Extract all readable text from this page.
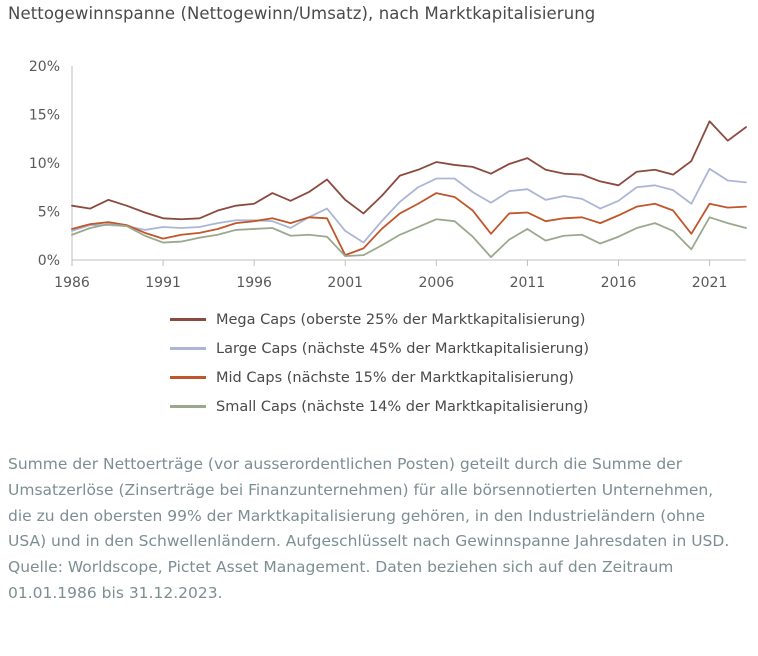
Nettogewinnspanne (Nettogewinn/Umsatz), nach Marktkapitalisierung
0%
5%
10%
15%
20%
1986	1991	1996	2001	2006	2011	2016	2021
Mega Caps (oberste 25% der Marktkapitalisierung)
Large Caps (nächste 45% der Marktkapitalisierung)
Mid Caps (nächste 15% der Marktkapitalisierung)
Small Caps (nächste 14% der Marktkapitalisierung)
Summe der Nettoerträge (vor ausserordentlichen Posten) geteilt durch die Summe der Umsatzerlöse (Zinserträge bei Finanzunternehmen) für alle börsennotierten Unternehmen, die zu den obersten 99% der Marktkapitalisierung gehören, in den Industrieländern (ohne USA) und in den Schwellenländern. Aufgeschlüsselt nach Gewinnspanne Jahresdaten in USD. Quelle: Worldscope, Pictet Asset Management. Daten beziehen sich auf den Zeitraum 01.01.1986 bis 31.12.2023.
